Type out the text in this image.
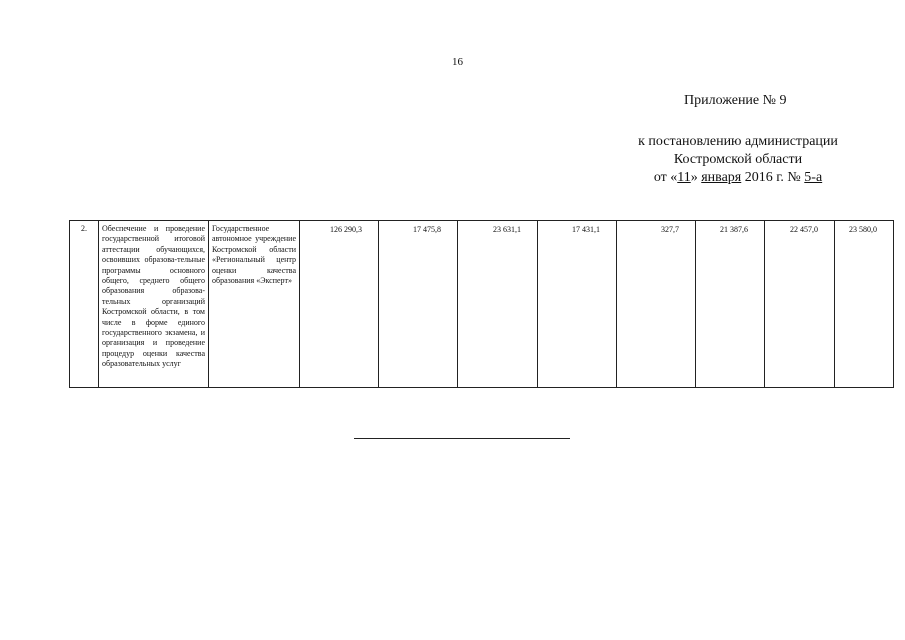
16
Приложение № 9
к постановлению администрации
Костромской области
от «11» января 2016 г. № 5-а
2.	Обеспечение и проведение государственной итоговой аттестации обучающихся, освоивших образова-тельные программы основного общего, среднего общего образования образова-тельных организаций Костромской области, в том числе в форме единого государственного экзамена, и организация и проведение процедур оценки качества образовательных услуг	Государственное автономное учреждение Костромской области «Региональный центр оценки качества образования «Эксперт»	126 290,3	17 475,8	23 631,1	17 431,1	327,7	21 387,6	22 457,0	23 580,0
